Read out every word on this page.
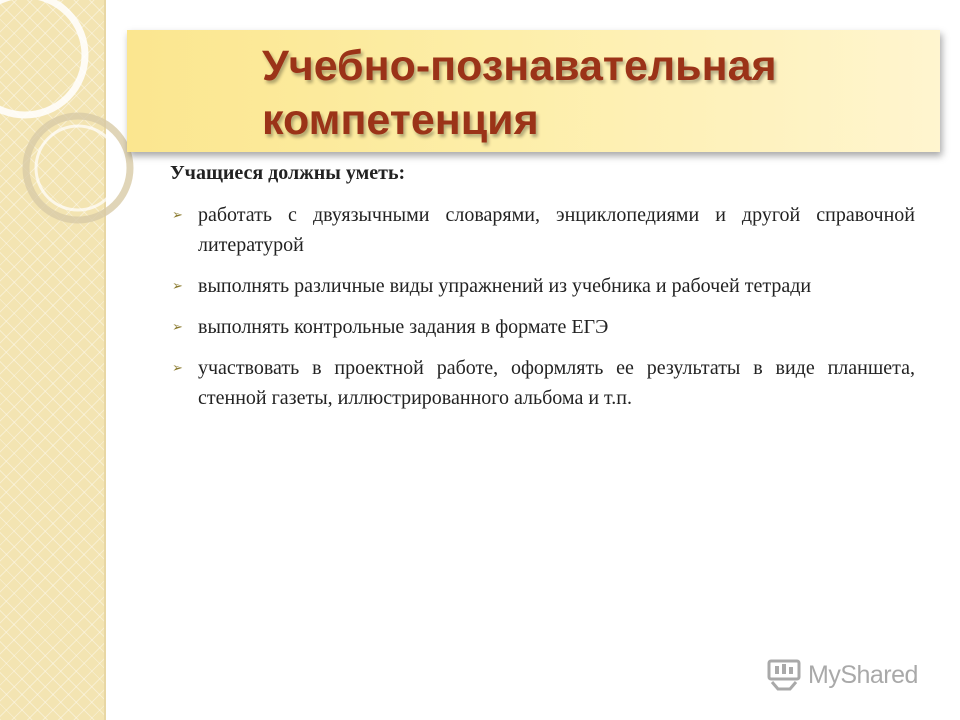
Учебно-познавательная
компетенция

Учащиеся должны уметь:

➢ работать с двуязычными словарями, энциклопедиями и другой справочной литературой
➢ выполнять различные виды упражнений из учебника и рабочей тетради
➢ выполнять контрольные задания в формате ЕГЭ
➢ участвовать в проектной работе, оформлять ее результаты в виде планшета, стенной газеты, иллюстрированного альбома и т.п.
MyShared
